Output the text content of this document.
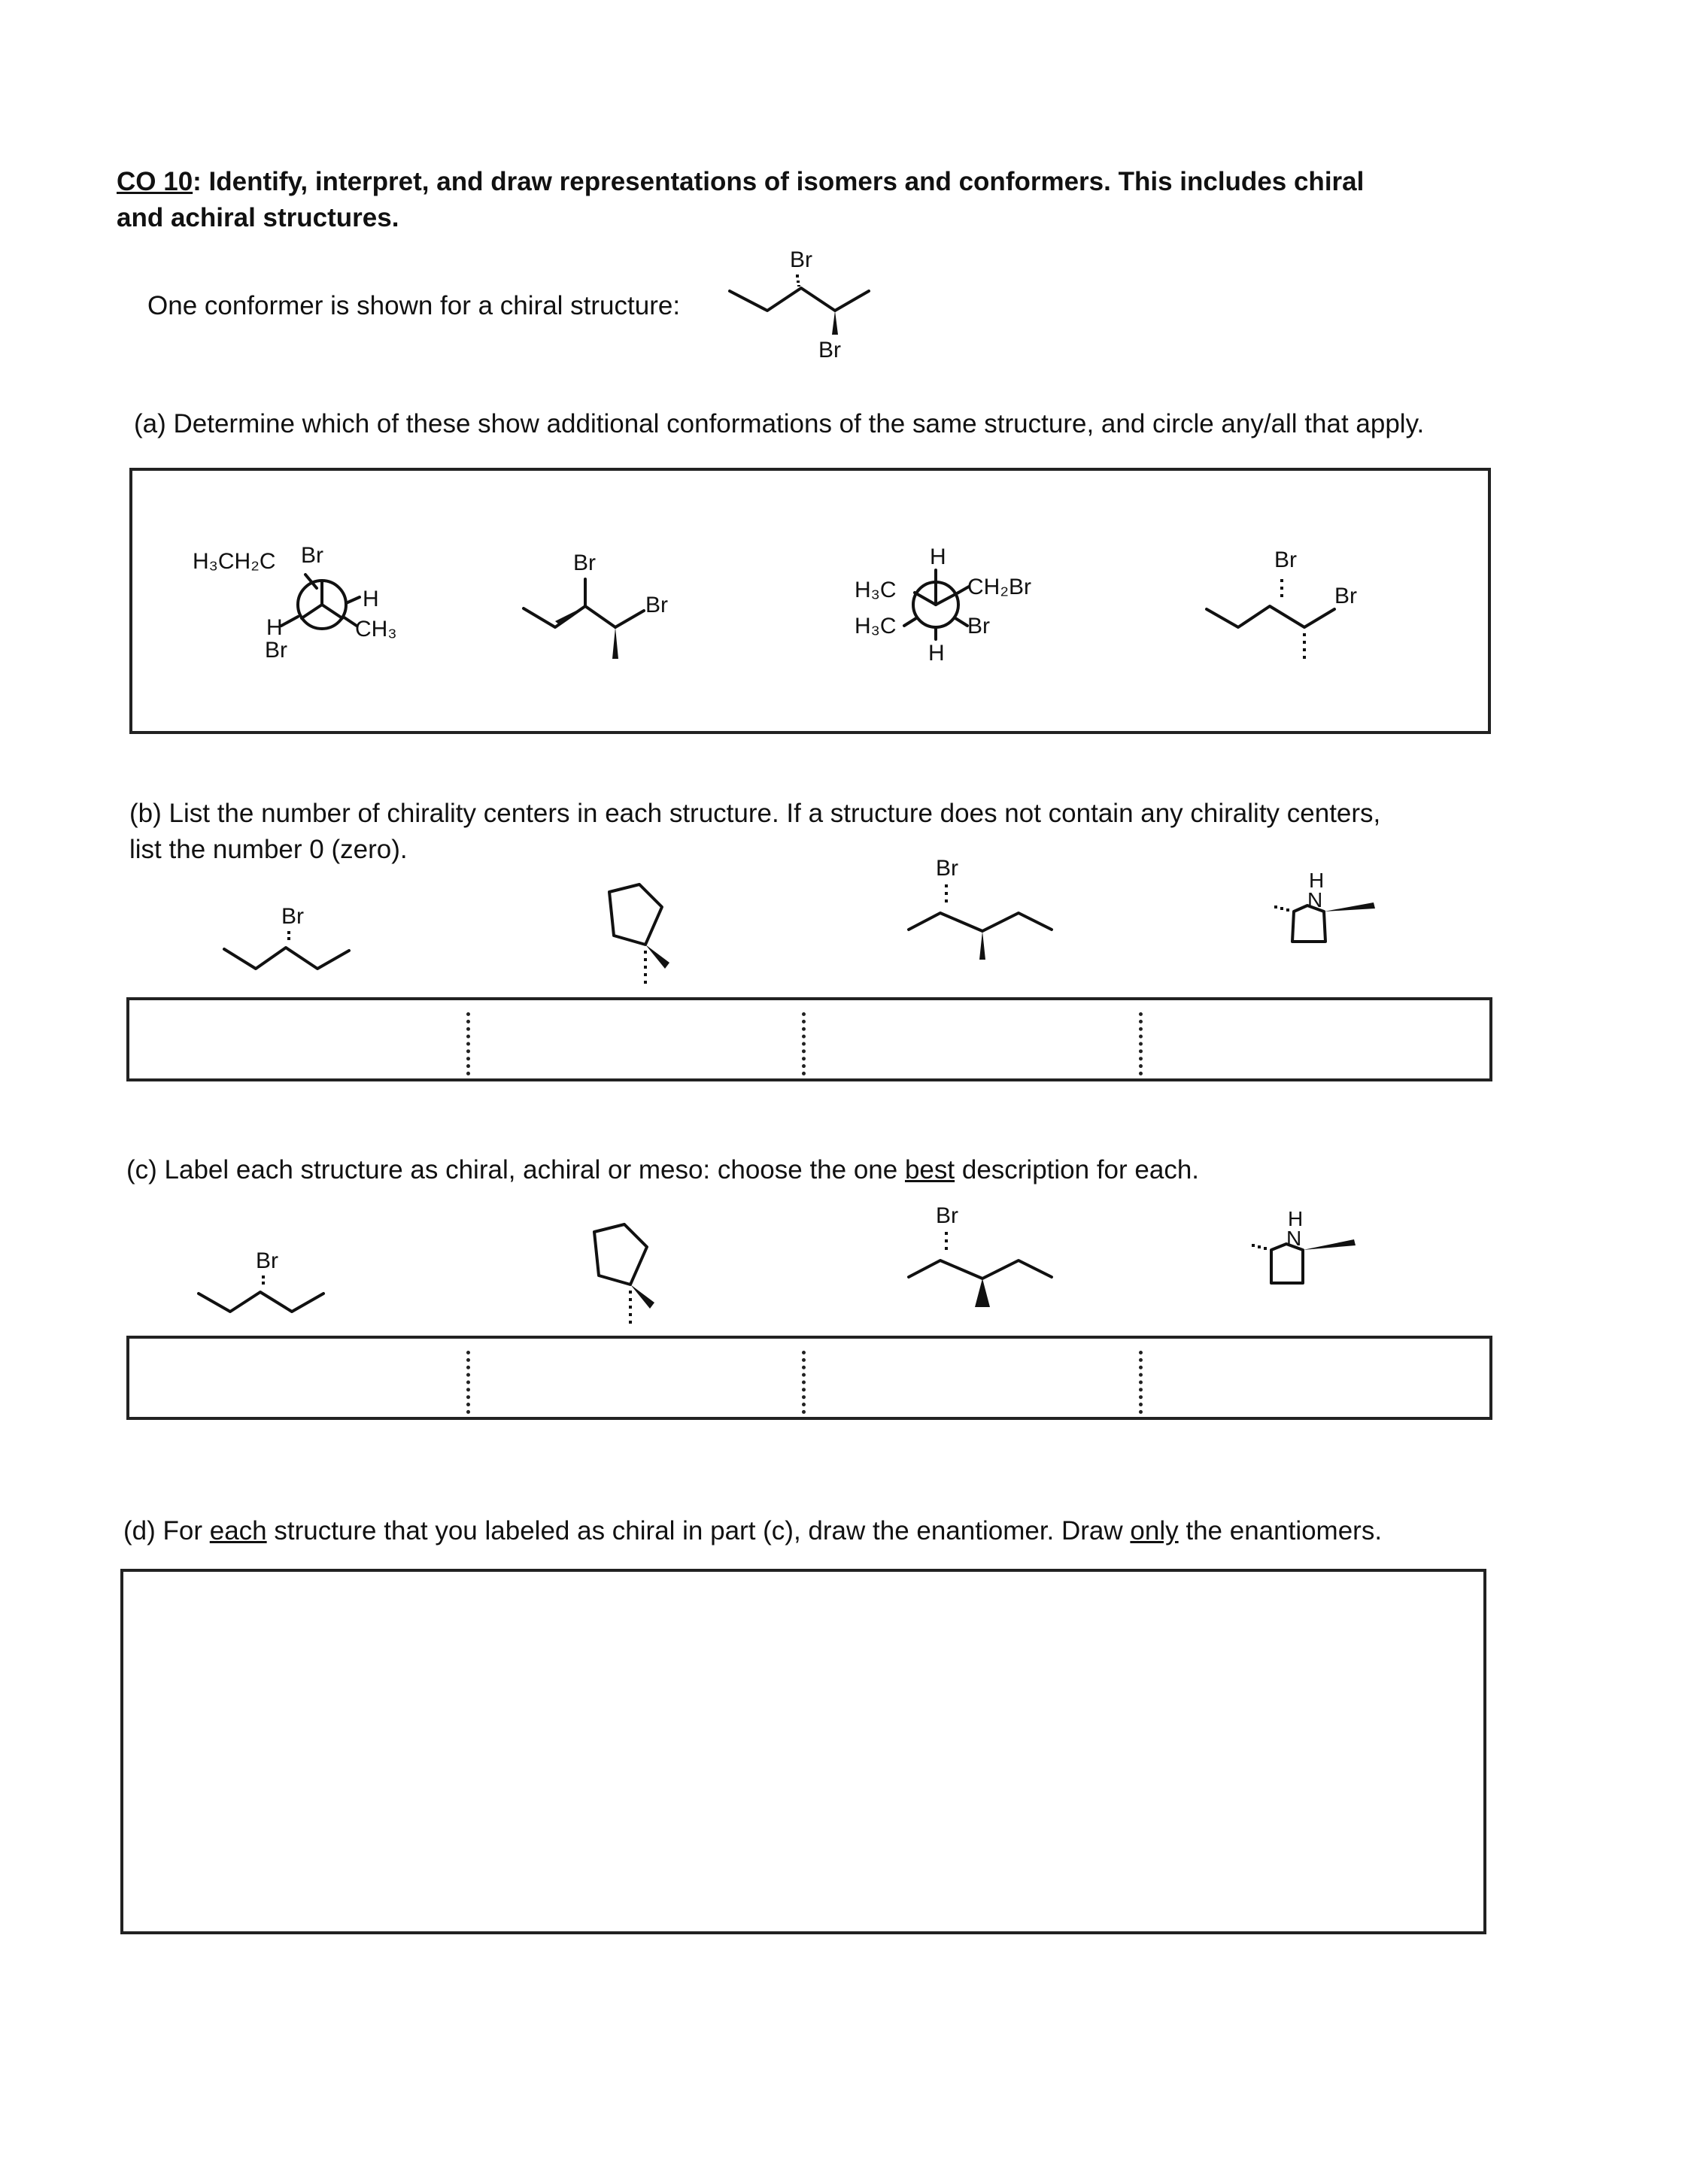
CO 10: Identify, interpret, and draw representations of isomers and conformers. This includes chiral
and achiral structures.
One conformer is shown for a chiral structure:
Br
Br
(a) Determine which of these show additional conformations of the same structure, and circle any/all that apply.
H₃CH₂C Br
H
CH₃
H
Br
Br
Br
H
H₃C	CH₂Br
H₃C	Br
H
Br
Br
(b) List the number of chirality centers in each structure. If a structure does not contain any chirality centers,
list the number 0 (zero).
Br
Br	H
N
(c) Label each structure as chiral, achiral or meso: choose the one best description for each.
Br
Br	H
N
(d) For each structure that you labeled as chiral in part (c), draw the enantiomer. Draw only the enantiomers.
